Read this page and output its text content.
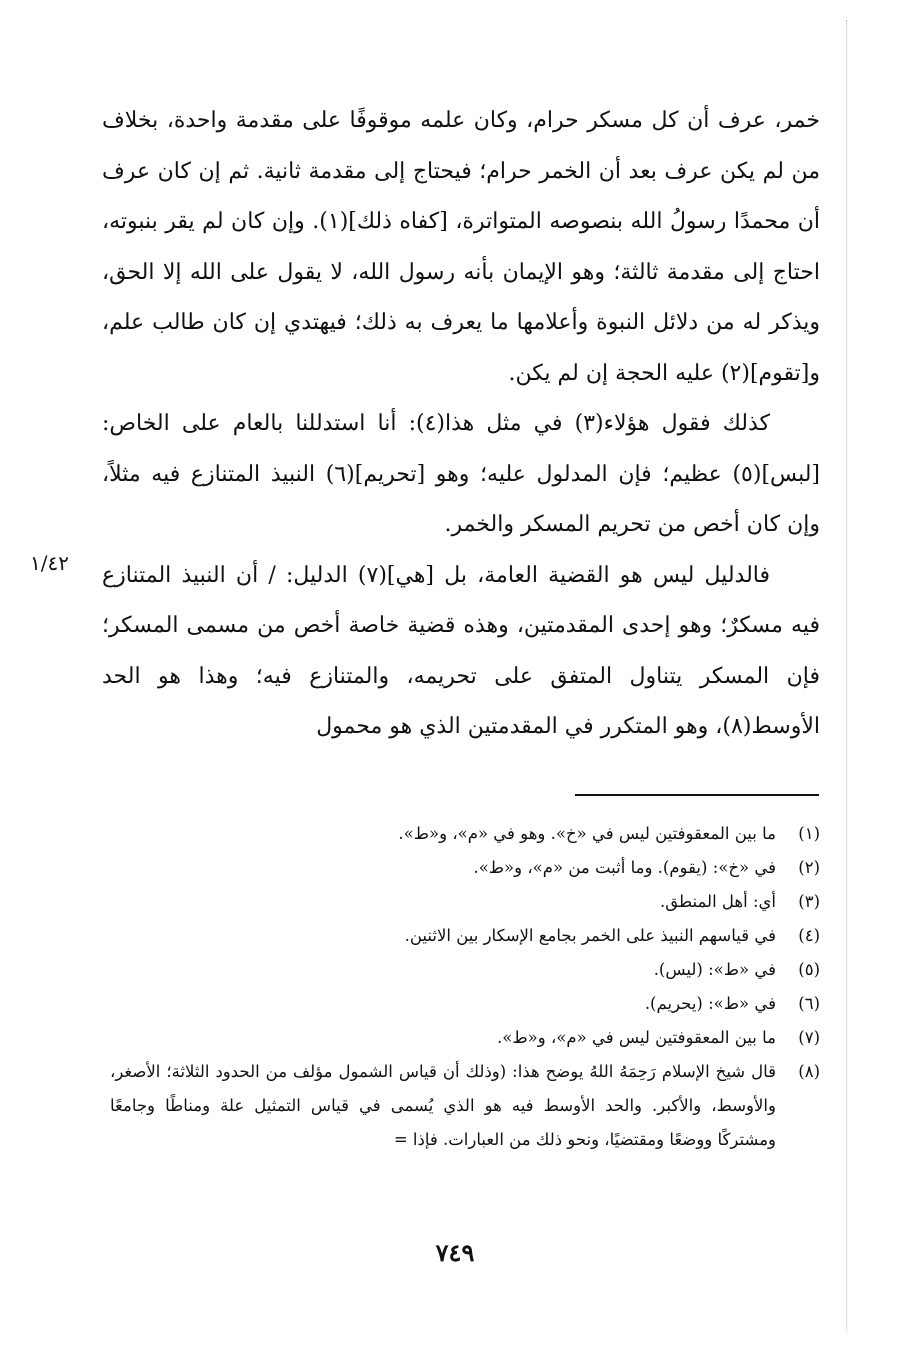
خمر، عرف أن كل مسكر حرام، وكان علمه موقوفًا على مقدمة واحدة، بخلاف من لم يكن عرف بعد أن الخمر حرام؛ فيحتاج إلى مقدمة ثانية. ثم إن كان عرف أن محمدًا رسولُ الله بنصوصه المتواترة، [كفاه ذلك](١). وإن كان لم يقر بنبوته، احتاج إلى مقدمة ثالثة؛ وهو الإيمان بأنه رسول الله، لا يقول على الله إلا الحق، ويذكر له من دلائل النبوة وأعلامها ما يعرف به ذلك؛ فيهتدي إن كان طالب علم، و[تقوم](٢) عليه الحجة إن لم يكن.

كذلك فقول هؤلاء(٣) في مثل هذا(٤): أنا استدللنا بالعام على الخاص: [لبس](٥) عظيم؛ فإن المدلول عليه؛ وهو [تحريم](٦) النبيذ المتنازع فيه مثلاً، وإن كان أخص من تحريم المسكر والخمر.

فالدليل ليس هو القضية العامة، بل [هي](٧) الدليل: / أن النبيذ المتنازع فيه مسكرٌ؛ وهو إحدى المقدمتين، وهذه قضية خاصة أخص من مسمى المسكر؛ فإن المسكر يتناول المتفق على تحريمه، والمتنازع فيه؛ وهذا هو الحد الأوسط(٨)، وهو المتكرر في المقدمتين الذي هو محمول

١/٤٢
(١)
ما بين المعقوفتين ليس في «خ». وهو في «م»، و«ط».
(٢)
في «خ»: (يقوم). وما أثبت من «م»، و«ط».
(٣)
أي: أهل المنطق.
(٤)
في قياسهم النبيذ على الخمر بجامع الإسكار بين الاثنين.
(٥)
في «ط»: (ليس).
(٦)
في «ط»: (يحريم).
(٧)
ما بين المعقوفتين ليس في «م»، و«ط».
(٨)
قال شيخ الإسلام رَحِمَهُ اللهُ يوضح هذا: (وذلك أن قياس الشمول مؤلف من الحدود الثلاثة؛ الأصغر، والأوسط، والأكبر. والحد الأوسط فيه هو الذي يُسمى في قياس التمثيل علة ومناطًا وجامعًا ومشتركًا ووضعًا ومقتضيًا، ونحو ذلك من العبارات. فإذا =
٧٤٩
